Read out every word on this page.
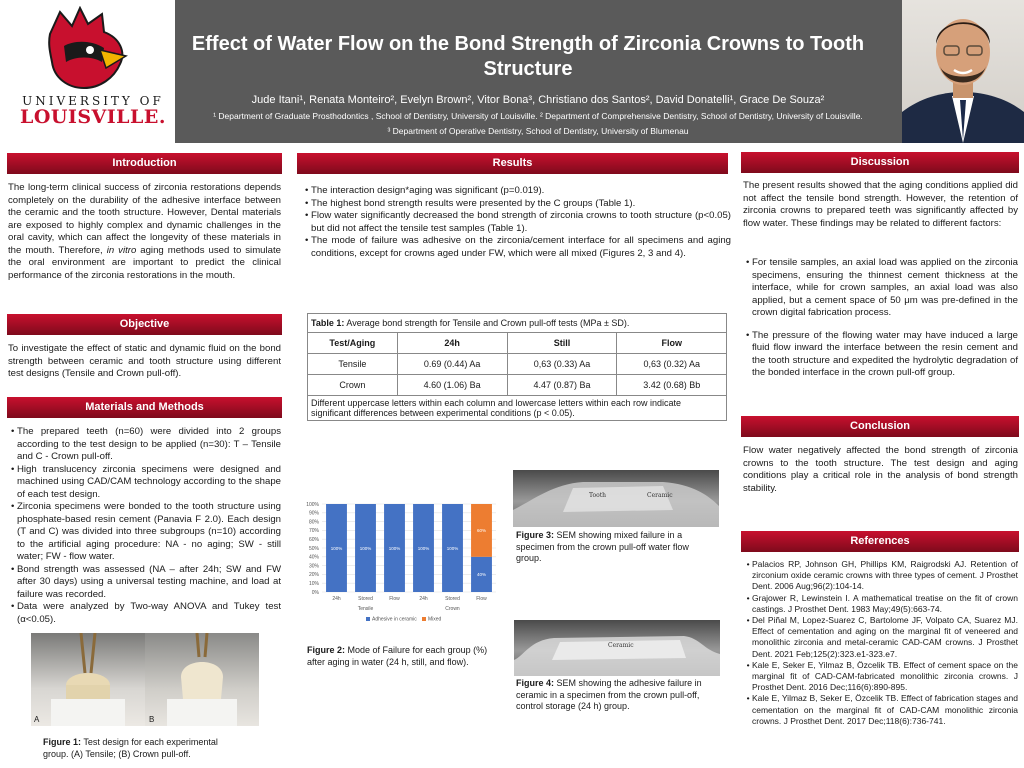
UNIVERSITY OF
LOUISVILLE.
Effect of Water Flow on the Bond Strength of Zirconia Crowns to Tooth Structure
Jude Itani¹, Renata Monteiro², Evelyn Brown², Vitor Bona³, Christiano dos Santos², David Donatelli¹, Grace De Souza²
¹ Department of Graduate Prosthodontics , School of Dentistry, University of Louisville. ² Department of Comprehensive Dentistry, School of Dentistry, University of Louisville.
³ Department of Operative Dentistry, School of Dentistry, University of Blumenau
Introduction
The long-term clinical success of zirconia restorations depends completely on the durability of the adhesive interface between the ceramic and the tooth structure. However, Dental materials are exposed to highly complex and dynamic challenges in the oral cavity, which can affect the longevity of these materials in the mouth. Therefore, in vitro aging methods used to simulate the oral environment are important to predict the clinical performance of the zirconia restorations in the mouth.
Objective
To investigate the effect of static and dynamic fluid on the bond strength between ceramic and tooth structure using different test designs (Tensile and Crown pull-off).
Materials and Methods
• The prepared teeth (n=60) were divided into 2 groups according to the test design to be applied (n=30): T – Tensile and C - Crown pull-off.
• High translucency zirconia specimens were designed and machined using CAD/CAM technology according to the shape of each test design.
• Zirconia specimens were bonded to the tooth structure using phosphate-based resin cement (Panavia F 2.0). Each design (T and C) was divided into three subgroups (n=10) according to the artificial aging procedure: NA - no aging; SW - still water; FW - flow water.
• Bond strength was assessed (NA – after 24h; SW and FW after 30 days) using a universal testing machine, and load at failure was recorded.
• Data were analyzed by Two-way ANOVA and Tukey test (α<0.05).
A	B
Figure 1: Test design for each experimental group. (A) Tensile; (B) Crown pull-off.
Results
• The interaction design*aging was significant (p=0.019).
• The highest bond strength results were presented by the C groups (Table 1).
• Flow water significantly decreased the bond strength of zirconia crowns to tooth structure (p<0.05) but did not affect the tensile test samples (Table 1).
• The mode of failure was adhesive on the zirconia/cement interface for all specimens and aging conditions, except for crowns aged under FW, which were all mixed (Figures 2, 3 and 4).
Table 1: Average bond strength for Tensile and Crown pull-off tests (MPa ± SD).
Test/Aging	24h	Still	Flow
Tensile	0.69 (0.44) Aa	0,63 (0.33) Aa	0,63 (0.32) Aa
Crown	4.60 (1.06) Ba	4.47 (0.87) Ba	3.42 (0.68) Bb
Different uppercase letters within each column and lowercase letters within each row indicate significant differences between experimental conditions (p < 0.05).
0%
10%
20%
30%
40%
50%
60%
70%
80%
90%
100%
100%
24h
100%
Stored
100%
Flow
100%
24h
100%
Stored
40%
60%
Flow
Tensile	Crown
Adhesive in ceramic Mixed
Figure 2: Mode of Failure for each group (%) after aging in water (24 h, still, and flow).
Tooth	Ceramic
Figure 3: SEM showing mixed failure in a specimen from the crown pull-off water flow group.
Ceramic
Figure 4: SEM showing the adhesive failure in ceramic in a specimen from the crown pull-off, control storage (24 h) group.
Discussion
The present results showed that the aging conditions applied did not affect the tensile bond strength. However, the retention of zirconia crowns to prepared teeth was significantly affected by flow water. These findings may be related to different factors:
• For tensile samples, an axial load was applied on the zirconia specimens, ensuring the thinnest cement thickness at the interface, while for crown samples, an axial load was also applied, but a cement space of 50 μm was pre-defined in the crown digital fabrication process.
• The pressure of the flowing water may have induced a large fluid flow inward the interface between the resin cement and the tooth structure and expedited the hydrolytic degradation of the bonded interface in the crown pull-off group.
Conclusion
Flow water negatively affected the bond strength of zirconia crowns to the tooth structure. The test design and aging conditions play a critical role in the analysis of bond strength stability.
References
• Palacios RP, Johnson GH, Phillips KM, Raigrodski AJ. Retention of zirconium oxide ceramic crowns with three types of cement. J Prosthet Dent. 2006 Aug;96(2):104-14.
• Grajower R, Lewinstein I. A mathematical treatise on the fit of crown castings. J Prosthet Dent. 1983 May;49(5):663-74.
• Del Piñal M, Lopez-Suarez C, Bartolome JF, Volpato CA, Suarez MJ. Effect of cementation and aging on the marginal fit of veneered and monolithic zirconia and metal-ceramic CAD-CAM crowns. J Prosthet Dent. 2021 Feb;125(2):323.e1-323.e7.
• Kale E, Seker E, Yilmaz B, Özcelik TB. Effect of cement space on the marginal fit of CAD-CAM-fabricated monolithic zirconia crowns. J Prosthet Dent. 2016 Dec;116(6):890-895.
• Kale E, Yilmaz B, Seker E, Özcelik TB. Effect of fabrication stages and cementation on the marginal fit of CAD-CAM monolithic zirconia crowns. J Prosthet Dent. 2017 Dec;118(6):736-741.
